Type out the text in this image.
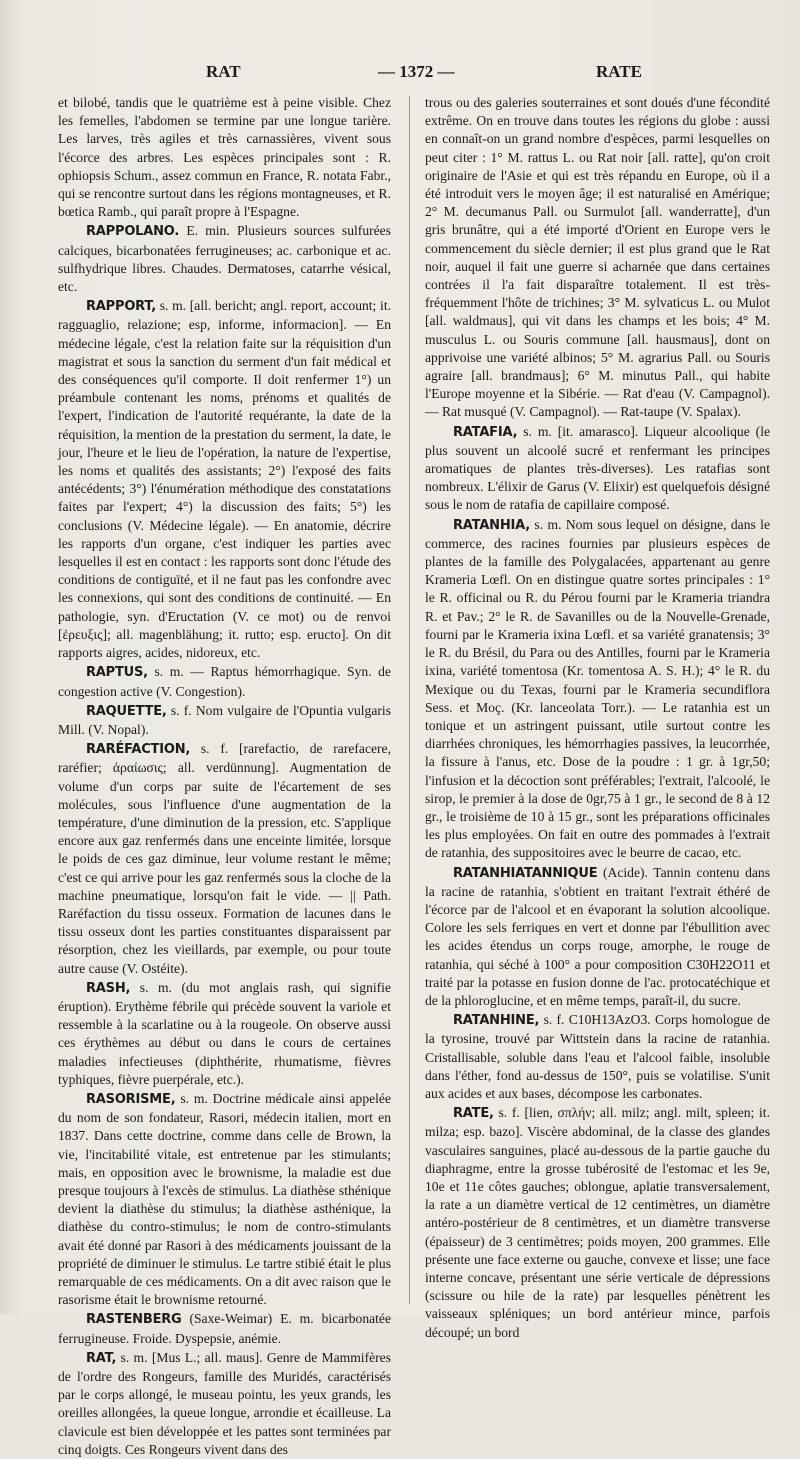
RAT	— 1372 —	RATE

et bilobé, tandis que le quatrième est à peine visible. Chez les femelles, l'abdomen se termine par une longue tarière. Les larves, très agiles et très carnassières, vivent sous l'écorce des arbres. Les espèces principales sont : R. ophiopsis Schum., assez commun en France, R. notata Fabr., qui se rencontre surtout dans les régions montagneuses, et R. bœtica Ramb., qui paraît propre à l'Espagne.

RAPPOLANO. E. min. Plusieurs sources sulfurées calciques, bicarbonatées ferrugineuses; ac. carbonique et ac. sulfhydrique libres. Chaudes. Dermatoses, catarrhe vésical, etc.

RAPPORT, s. m. [all. bericht; angl. report, account; it. ragguaglio, relazione; esp, informe, informacion]. — En médecine légale, c'est la relation faite sur la réquisition d'un magistrat et sous la sanction du serment d'un fait médical et des conséquences qu'il comporte. Il doit renfermer 1°) un préambule contenant les noms, prénoms et qualités de l'expert, l'indication de l'autorité requérante, la date de la réquisition, la mention de la prestation du serment, la date, le jour, l'heure et le lieu de l'opération, la nature de l'expertise, les noms et qualités des assistants; 2°) l'exposé des faits antécédents; 3°) l'énumération méthodique des constatations faites par l'expert; 4°) la discussion des faits; 5°) les conclusions (V. Médecine légale). — En anatomie, décrire les rapports d'un organe, c'est indiquer les parties avec lesquelles il est en contact : les rapports sont donc l'étude des conditions de contiguïté, et il ne faut pas les confondre avec les connexions, qui sont des conditions de continuité. — En pathologie, syn. d'Eructation (V. ce mot) ou de renvoi [ἐρευξις]; all. magenblähung; it. rutto; esp. eructo]. On dit rapports aigres, acides, nidoreux, etc.

RAPTUS, s. m. — Raptus hémorrhagique. Syn. de congestion active (V. Congestion).

RAQUETTE, s. f. Nom vulgaire de l'Opuntia vulgaris Mill. (V. Nopal).

RARÉFACTION, s. f. [rarefactio, de rarefacere, raréfier; ἀραίωσις; all. verdünnung]. Augmentation de volume d'un corps par suite de l'écartement de ses molécules, sous l'influence d'une augmentation de la température, d'une diminution de la pression, etc. S'applique encore aux gaz renfermés dans une enceinte limitée, lorsque le poids de ces gaz diminue, leur volume restant le même; c'est ce qui arrive pour les gaz renfermés sous la cloche de la machine pneumatique, lorsqu'on fait le vide. — || Path. Raréfaction du tissu osseux. Formation de lacunes dans le tissu osseux dont les parties constituantes disparaissent par résorption, chez les vieillards, par exemple, ou pour toute autre cause (V. Ostéite).

RASH, s. m. (du mot anglais rash, qui signifie éruption). Erythème fébrile qui précède souvent la variole et ressemble à la scarlatine ou à la rougeole. On observe aussi ces érythèmes au début ou dans le cours de certaines maladies infectieuses (diphthérite, rhumatisme, fièvres typhiques, fièvre puerpérale, etc.).

RASORISME, s. m. Doctrine médicale ainsi appelée du nom de son fondateur, Rasori, médecin italien, mort en 1837. Dans cette doctrine, comme dans celle de Brown, la vie, l'incitabilité vitale, est entretenue par les stimulants; mais, en opposition avec le brownisme, la maladie est due presque toujours à l'excès de stimulus. La diathèse sthénique devient la diathèse du stimulus; la diathèse asthénique, la diathèse du contro-stimulus; le nom de contro-stimulants avait été donné par Rasori à des médicaments jouissant de la propriété de diminuer le stimulus. Le tartre stibié était le plus remarquable de ces médicaments. On a dit avec raison que le rasorisme était le brownisme retourné.

RASTENBERG (Saxe-Weimar) E. m. bicarbonatée ferrugineuse. Froide. Dyspepsie, anémie.

RAT, s. m. [Mus L.; all. maus]. Genre de Mammifères de l'ordre des Rongeurs, famille des Muridés, caractérisés par le corps allongé, le museau pointu, les yeux grands, les oreilles allongées, la queue longue, arrondie et écailleuse. La clavicule est bien développée et les pattes sont terminées par cinq doigts. Ces Rongeurs vivent dans des

trous ou des galeries souterraines et sont doués d'une fécondité extrême. On en trouve dans toutes les régions du globe : aussi en connaît-on un grand nombre d'espèces, parmi lesquelles on peut citer : 1° M. rattus L. ou Rat noir [all. ratte], qu'on croit originaire de l'Asie et qui est très répandu en Europe, où il a été introduit vers le moyen âge; il est naturalisé en Amérique; 2° M. decumanus Pall. ou Surmulot [all. wanderratte], d'un gris brunâtre, qui a été importé d'Orient en Europe vers le commencement du siècle dernier; il est plus grand que le Rat noir, auquel il fait une guerre si acharnée que dans certaines contrées il l'a fait disparaître totalement. Il est très-fréquemment l'hôte de trichines; 3° M. sylvaticus L. ou Mulot [all. waldmaus], qui vit dans les champs et les bois; 4° M. musculus L. ou Souris commune [all. hausmaus], dont on apprivoise une variété albinos; 5° M. agrarius Pall. ou Souris agraire [all. brandmaus]; 6° M. minutus Pall., qui habite l'Europe moyenne et la Sibérie. — Rat d'eau (V. Campagnol). — Rat musqué (V. Campagnol). — Rat-taupe (V. Spalax).

RATAFIA, s. m. [it. amarasco]. Liqueur alcoolique (le plus souvent un alcoolé sucré et renfermant les principes aromatiques de plantes très-diverses). Les ratafias sont nombreux. L'élixir de Garus (V. Elixir) est quelquefois désigné sous le nom de ratafia de capillaire composé.

RATANHIA, s. m. Nom sous lequel on désigne, dans le commerce, des racines fournies par plusieurs espèces de plantes de la famille des Polygalacées, appartenant au genre Krameria Lœfl. On en distingue quatre sortes principales : 1° le R. officinal ou R. du Pérou fourni par le Krameria triandra R. et Pav.; 2° le R. de Savanilles ou de la Nouvelle-Grenade, fourni par le Krameria ixina Lœfl. et sa variété granatensis; 3° le R. du Brésil, du Para ou des Antilles, fourni par le Krameria ixina, variété tomentosa (Kr. tomentosa A. S. H.); 4° le R. du Mexique ou du Texas, fourni par le Krameria secundiflora Sess. et Moç. (Kr. lanceolata Torr.). — Le ratanhia est un tonique et un astringent puissant, utile surtout contre les diarrhées chroniques, les hémorrhagies passives, la leucorrhée, la fissure à l'anus, etc. Dose de la poudre : 1 gr. à 1gr,50; l'infusion et la décoction sont préférables; l'extrait, l'alcoolé, le sirop, le premier à la dose de 0gr,75 à 1 gr., le second de 8 à 12 gr., le troisième de 10 à 15 gr., sont les préparations officinales les plus employées. On fait en outre des pommades à l'extrait de ratanhia, des suppositoires avec le beurre de cacao, etc.

RATANHIATANNIQUE (Acide). Tannin contenu dans la racine de ratanhia, s'obtient en traitant l'extrait éthéré de l'écorce par de l'alcool et en évaporant la solution alcoolique. Colore les sels ferriques en vert et donne par l'ébullition avec les acides étendus un corps rouge, amorphe, le rouge de ratanhia, qui séché à 100° a pour composition C30H22O11 et traité par la potasse en fusion donne de l'ac. protocatéchique et de la phloroglucine, et en même temps, paraît-il, du sucre.

RATANHINE, s. f. C10H13AzO3. Corps homologue de la tyrosine, trouvé par Wittstein dans la racine de ratanhia. Cristallisable, soluble dans l'eau et l'alcool faible, insoluble dans l'éther, fond au-dessus de 150°, puis se volatilise. S'unit aux acides et aux bases, décompose les carbonates.

RATE, s. f. [lien, σπλήν; all. milz; angl. milt, spleen; it. milza; esp. bazo]. Viscère abdominal, de la classe des glandes vasculaires sanguines, placé au-dessous de la partie gauche du diaphragme, entre la grosse tubérosité de l'estomac et les 9e, 10e et 11e côtes gauches; oblongue, aplatie transversalement, la rate a un diamètre vertical de 12 centimètres, un diamètre antéro-postérieur de 8 centimètres, et un diamètre transverse (épaisseur) de 3 centimètres; poids moyen, 200 grammes. Elle présente une face externe ou gauche, convexe et lisse; une face interne concave, présentant une série verticale de dépressions (scissure ou hile de la rate) par lesquelles pénètrent les vaisseaux spléniques; un bord antérieur mince, parfois découpé; un bord
